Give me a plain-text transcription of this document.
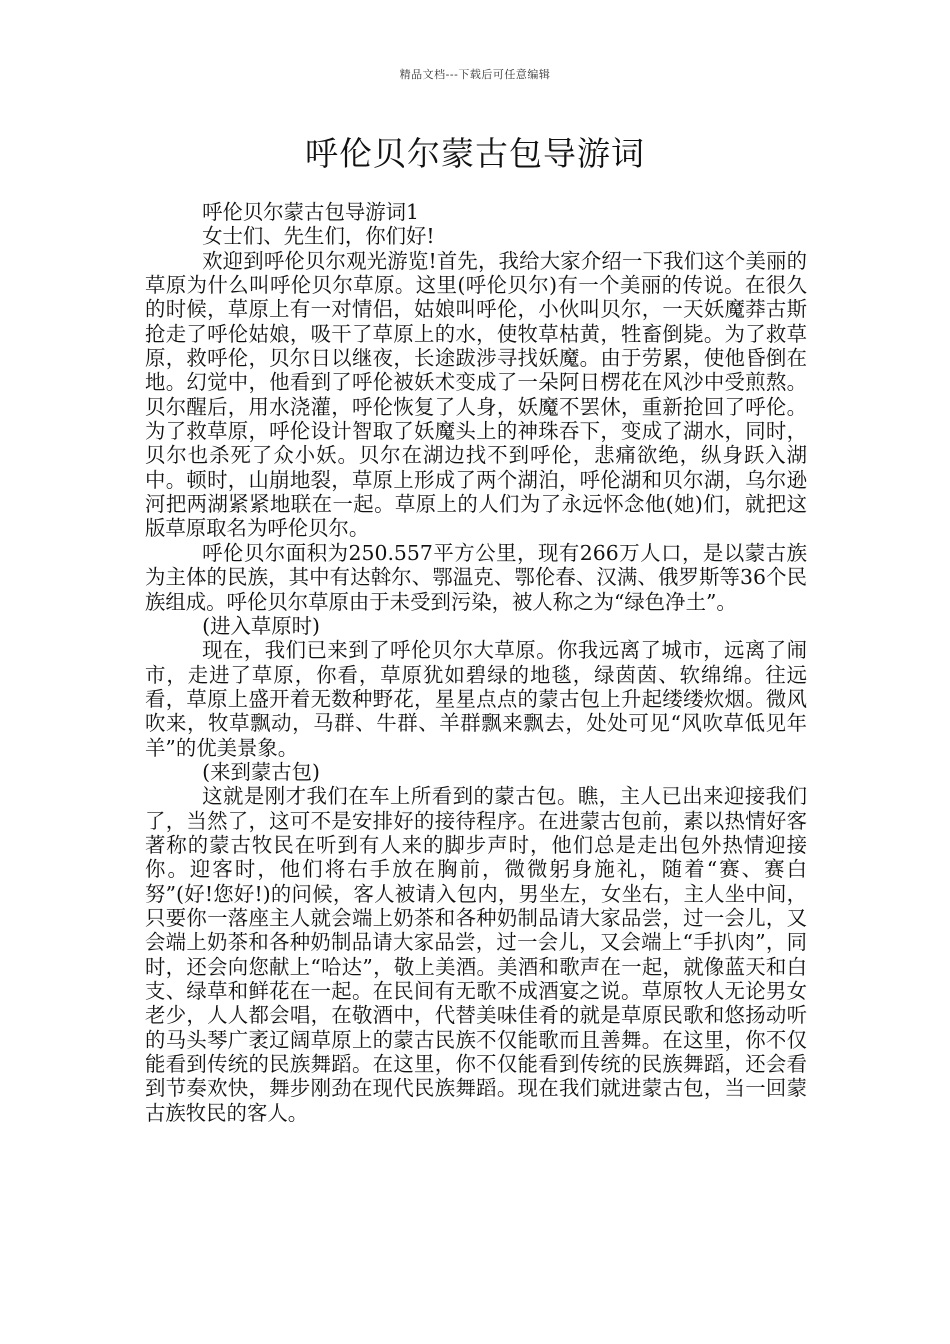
精品文档---下载后可任意编辑
呼伦贝尔蒙古包导游词

呼伦贝尔蒙古包导游词1

女士们、先生们，你们好!

欢迎到呼伦贝尔观光游览!首先，我给大家介绍一下我们这个美丽的草原为什么叫呼伦贝尔草原。这里(呼伦贝尔)有一个美丽的传说。在很久的时候，草原上有一对情侣，姑娘叫呼伦，小伙叫贝尔，一天妖魔莽古斯抢走了呼伦姑娘，吸干了草原上的水，使牧草枯黄，牲畜倒毙。为了救草原，救呼伦，贝尔日以继夜，长途跋涉寻找妖魔。由于劳累，使他昏倒在地。幻觉中，他看到了呼伦被妖术变成了一朵阿日楞花在风沙中受煎熬。贝尔醒后，用水浇灌，呼伦恢复了人身，妖魔不罢休，重新抢回了呼伦。为了救草原，呼伦设计智取了妖魔头上的神珠吞下，变成了湖水，同时，贝尔也杀死了众小妖。贝尔在湖边找不到呼伦，悲痛欲绝，纵身跃入湖中。顿时，山崩地裂，草原上形成了两个湖泊，呼伦湖和贝尔湖，乌尔逊河把两湖紧紧地联在一起。草原上的人们为了永远怀念他(她)们，就把这版草原取名为呼伦贝尔。

呼伦贝尔面积为250.557平方公里，现有266万人口，是以蒙古族为主体的民族，其中有达斡尔、鄂温克、鄂伦春、汉满、俄罗斯等36个民族组成。呼伦贝尔草原由于未受到污染，被人称之为“绿色净土”。

(进入草原时)

现在，我们已来到了呼伦贝尔大草原。你我远离了城市，远离了闹市，走进了草原，你看，草原犹如碧绿的地毯，绿茵茵、软绵绵。往远看，草原上盛开着无数种野花，星星点点的蒙古包上升起缕缕炊烟。微风吹来，牧草飘动，马群、牛群、羊群飘来飘去，处处可见“风吹草低见年羊”的优美景象。

(来到蒙古包)

这就是刚才我们在车上所看到的蒙古包。瞧，主人已出来迎接我们了，当然了，这可不是安排好的接待程序。在进蒙古包前，素以热情好客著称的蒙古牧民在听到有人来的脚步声时，他们总是走出包外热情迎接你。迎客时，他们将右手放在胸前，微微躬身施礼，随着“赛、赛白努”(好!您好!)的问候，客人被请入包内，男坐左，女坐右，主人坐中间，只要你一落座主人就会端上奶茶和各种奶制品请大家品尝，过一会儿，又会端上奶茶和各种奶制品请大家品尝，过一会儿，又会端上“手扒肉”，同时，还会向您献上“哈达”，敬上美酒。美酒和歌声在一起，就像蓝天和白支、绿草和鲜花在一起。在民间有无歌不成酒宴之说。草原牧人无论男女老少，人人都会唱，在敬酒中，代替美味佳肴的就是草原民歌和悠扬动听的马头琴广袤辽阔草原上的蒙古民族不仅能歌而且善舞。在这里，你不仅能看到传统的民族舞蹈。在这里，你不仅能看到传统的民族舞蹈，还会看到节奏欢快，舞步刚劲在现代民族舞蹈。现在我们就进蒙古包，当一回蒙古族牧民的客人。
